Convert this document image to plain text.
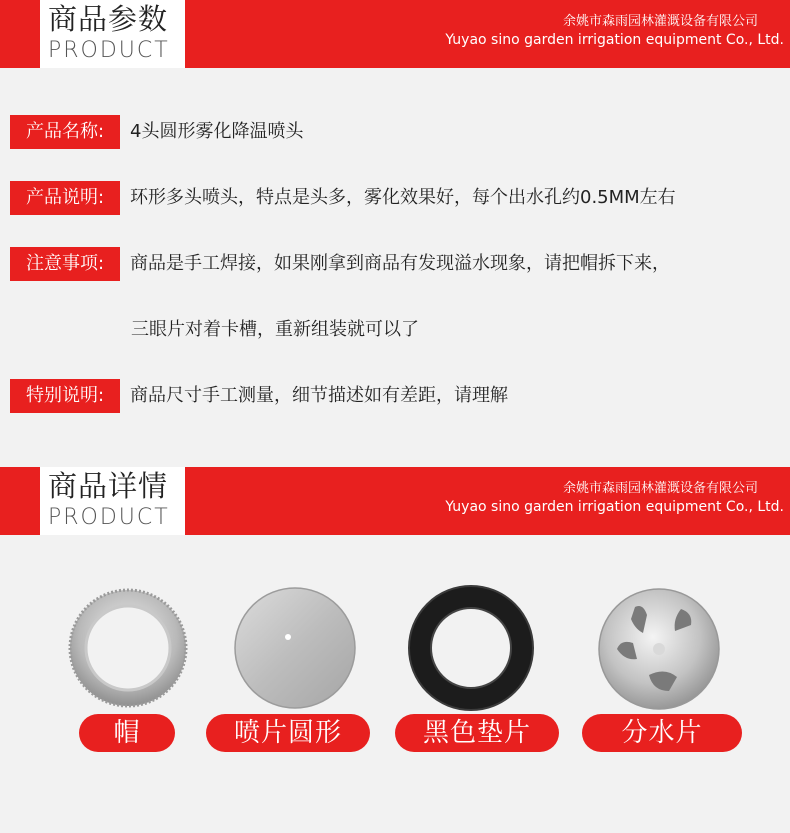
商品参数
PRODUCT
余姚市森雨园林灌溉设备有限公司
Yuyao sino garden irrigation equipment Co., Ltd.
产品名称:	4头圆形雾化降温喷头
产品说明:	环形多头喷头，特点是头多，雾化效果好，每个出水孔约0.5MM左右
注意事项:	商品是手工焊接，如果刚拿到商品有发现溢水现象，请把帽拆下来，
三眼片对着卡槽，重新组装就可以了
特别说明:	商品尺寸手工测量，细节描述如有差距，请理解
商品详情
PRODUCT
余姚市森雨园林灌溉设备有限公司
Yuyao sino garden irrigation equipment Co., Ltd.
帽	喷片圆形	黑色垫片	分水片
